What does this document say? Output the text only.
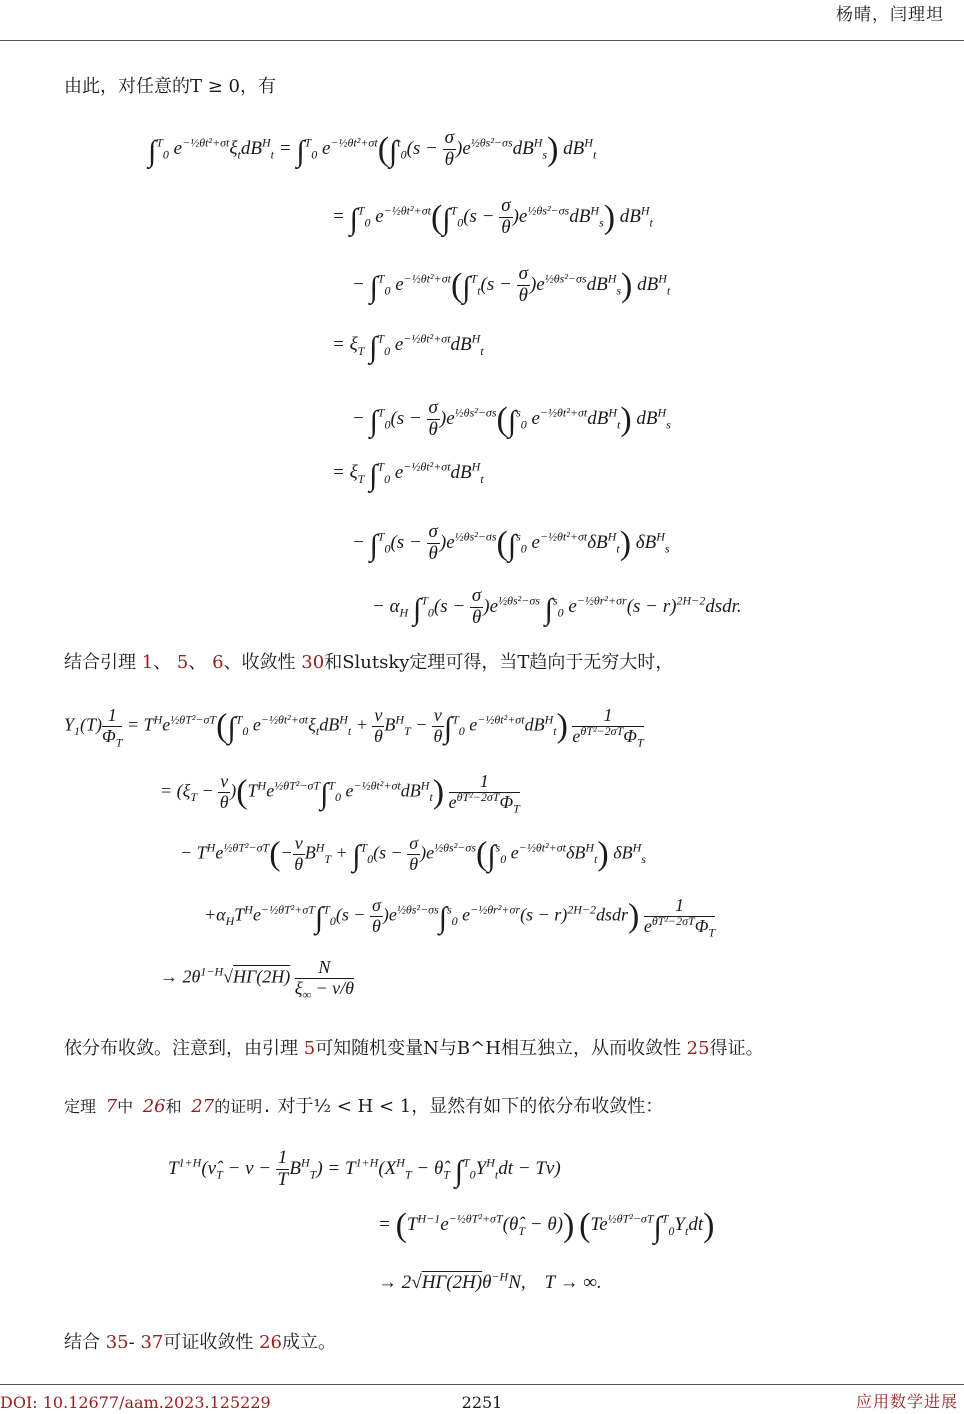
杨晴，闫理坦
由此，对任意的T ≥ 0，有
∫$^T_0$ $e^{-\frac{1}{2}\theta t^2+\sigma t}\xi_tdB^H_t = \int^T_0$ $e^{-\frac{1}{2}\theta t^2+\sigma t}(\int^t_0(s - \frac{\sigma}{\theta} )e^{\frac{1}{2}\theta s^2-\sigma s}dB^H_s)$ $dB^H_t$
= ∫$^T_0$ $e^{-\frac{1}{2}\theta t^2+\sigma t}(\int^T_0(s - \frac{\sigma}{\theta} )e^{\frac{1}{2}\theta s^2-\sigma s}dB^H_s)$ $dB^H_t$
− ∫$^T_0$ $e^{-\frac{1}{2}\theta t^2+\sigma t}(\int^T_t(s - \frac{\sigma}{\theta} )e^{\frac{1}{2}\theta s^2-\sigma s}dB^H_s)$ $dB^H_t$
= $\xi_T$ ∫$^T_0$ $e^{-\frac{1}{2}\theta t^2+\sigma t}dB^H_t$
− $\int^T_0(s - \frac{\sigma}{\theta} )e^{\frac{1}{2}\theta s^2-\sigma s}(\int^s_0$ $e^{-\frac{1}{2}\theta t^2+\sigma t}dB^H_t$) $dB^H_s$
= $\xi_T$ ∫$^T_0$ $e^{-\frac{1}{2}\theta t^2+\sigma t}dB^H_t$
− $\int^T_0(s - \frac{\sigma}{\theta} )e^{\frac{1}{2}\theta s^2-\sigma s}(\int^s_0$ $e^{-\frac{1}{2}\theta t^2+\sigma t}\delta B^H_t$) $\delta B^H_s$
− $\alpha_H$ $\int^T_0(s - \frac{\sigma}{\theta} )e^{\frac{1}{2}\theta s^2-\sigma s}$ ∫$^s_0$ $e^{-\frac{1}{2}\theta r^2+\sigma r}(s$ − $r)^{2H-2}dsdr$.
结合引理 1、 5、 6、收敛性 30和Slutsky定理可得，当T趋向于无穷大时，
$\Upsilon_1(T) \frac{1}{\Phi_T} = T^He^{\frac{1}{2}\theta T^2-\sigma T}(\int^T_0$ $e^{-\frac{1}{2}\theta t^2+\sigma t}\xi_tdB^H_t + \frac{\nu}{\theta} B^H_T - \frac{\nu}{\theta} \int^T_0$ $e^{-\frac{1}{2}\theta t^2+\sigma t}dB^H_t) \frac{1}{e^{\theta T^2-2\sigma T}\Phi_T}$
= $(\xi_T - \frac{\nu}{\theta} )(T^He^{\frac{1}{2}\theta T^2-\sigma T}\int^T_0$ $e^{-\frac{1}{2}\theta t^2+\sigma t}dB^H_t) \frac{1}{e^{\theta T^2-2\sigma T}\Phi_T}$
− $T^He^{\frac{1}{2}\theta T^2-\sigma T}(- \frac{\nu}{\theta} B^H_T + \int^T_0(s - \frac{\sigma}{\theta} )e^{\frac{1}{2}\theta s^2-\sigma s}(\int^s_0$ $e^{-\frac{1}{2}\theta t^2+\sigma t}\delta B^H_t$) $\delta B^H_s$
$+\alpha_HT^He^{-\frac{1}{2}\theta T^2+\sigma T}\int^T_0(s - \frac{\sigma}{\theta} )e^{\frac{1}{2}\theta s^2-\sigma s}\int^s_0$ $e^{-\frac{1}{2}\theta r^2+\sigma r}(s$ − $r)^{2H-2}dsdr) \frac{1}{e^{\theta T^2-2\sigma T}\Phi_T}$
→ $2\theta^{1-H}√H\Gamma(2H) \frac{N}{\xi_\infty - \nu/\theta}$
依分布收敛。注意到，由引理 5可知随机变量N与B^H相互独立，从而收敛性 25得证。
定理 7中 26和 27的证明. 对于½ < H < 1，显然有如下的依分布收敛性：
$T^{1+H}(\nû_T - \nu - \frac{1}{T} B^H_T) = T^{1+H}(X^H_T$ − $\thetâ_T$ $\int^T_0Y^H_tdt - T\nu$)
= $(T^{H-1}e^{-\frac{1}{2}\theta T^2+\sigma T}(\thetâ_T - \theta))$ $(Te^{\frac{1}{2}\theta T^2-\sigma T}\int^T_0Y_tdt)$
→ $2√H\Gamma(2H)\theta^{-H}N$,    T → ∞.
结合 35- 37可证收敛性 26成立。
DOI: 10.12677/aam.2023.125229	2251	应用数学进展
